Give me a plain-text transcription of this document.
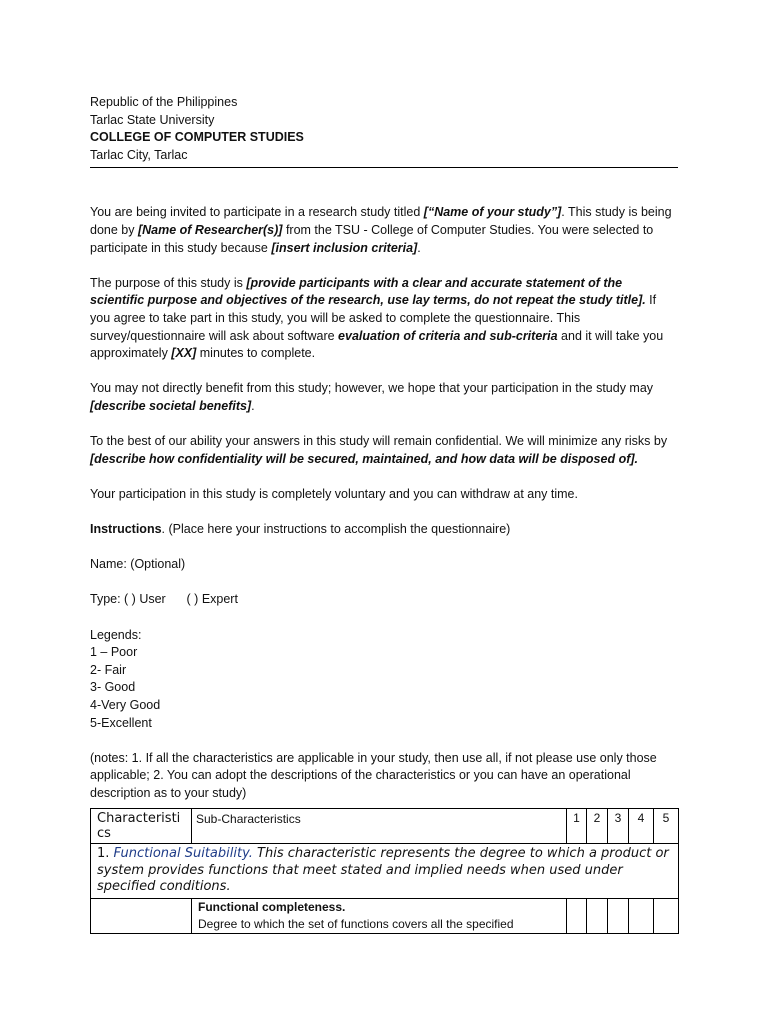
Republic of the Philippines
Tarlac State University
COLLEGE OF COMPUTER STUDIES
Tarlac City, Tarlac
You are being invited to participate in a research study titled [“Name of your study”]. This study is being done by [Name of Researcher(s)] from the TSU - College of Computer Studies. You were selected to participate in this study because [insert inclusion criteria].
The purpose of this study is [provide participants with a clear and accurate statement of the scientific purpose and objectives of the research, use lay terms, do not repeat the study title]. If you agree to take part in this study, you will be asked to complete the questionnaire. This survey/questionnaire will ask about software evaluation of criteria and sub-criteria and it will take you approximately [XX] minutes to complete.
You may not directly benefit from this study; however, we hope that your participation in the study may [describe societal benefits].
To the best of our ability your answers in this study will remain confidential. We will minimize any risks by [describe how confidentiality will be secured, maintained, and how data will be disposed of].
Your participation in this study is completely voluntary and you can withdraw at any time.
Instructions. (Place here your instructions to accomplish the questionnaire)
Name: (Optional)
Type: ( ) User      ( ) Expert
Legends:
1 – Poor
2- Fair
3- Good
4-Very Good
5-Excellent
(notes: 1. If all the characteristics are applicable in your study, then use all, if not please use only those applicable; 2. You can adopt the descriptions of the characteristics or you can have an operational description as to your study)
Characteristics	Sub-Characteristics	1	2	3	4	5
1. Functional Suitability. This characteristic represents the degree to which a product or system provides functions that meet stated and implied needs when used under specified conditions.						

	Functional completeness.
Degree to which the set of functions covers all the specified					
